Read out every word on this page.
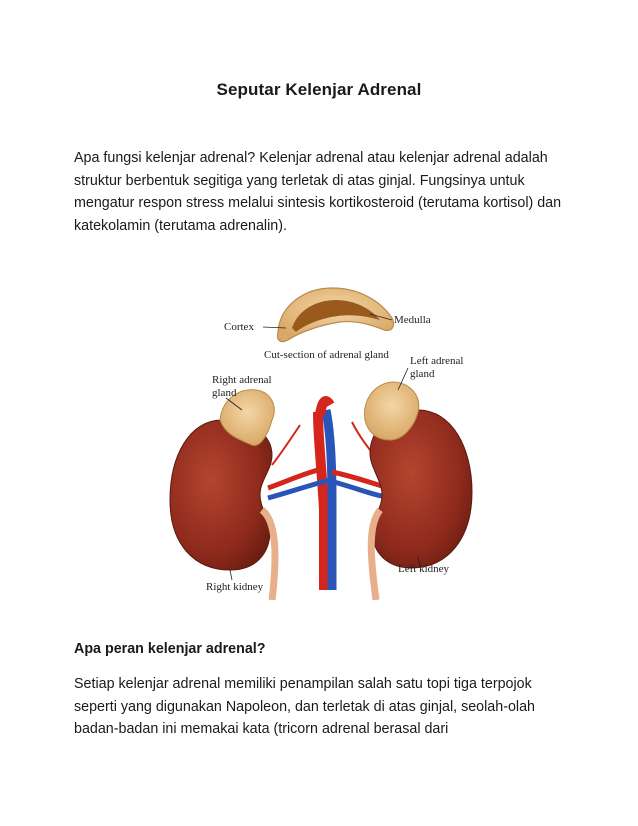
Seputar Kelenjar Adrenal

Apa fungsi kelenjar adrenal? Kelenjar adrenal atau kelenjar adrenal adalah struktur berbentuk segitiga yang terletak di atas ginjal. Fungsinya untuk mengatur respon stress melalui sintesis kortikosteroid (terutama kortisol) dan katekolamin (terutama adrenalin).

Cortex
Medulla
Cut-section of adrenal gland
Right adrenal
gland
Left adrenal
gland
Right kidney
Left kidney
Apa peran kelenjar adrenal?

Setiap kelenjar adrenal memiliki penampilan salah satu topi tiga terpojok seperti yang digunakan Napoleon, dan terletak di atas ginjal, seolah-olah badan-badan ini memakai kata (tricorn adrenal berasal dari
